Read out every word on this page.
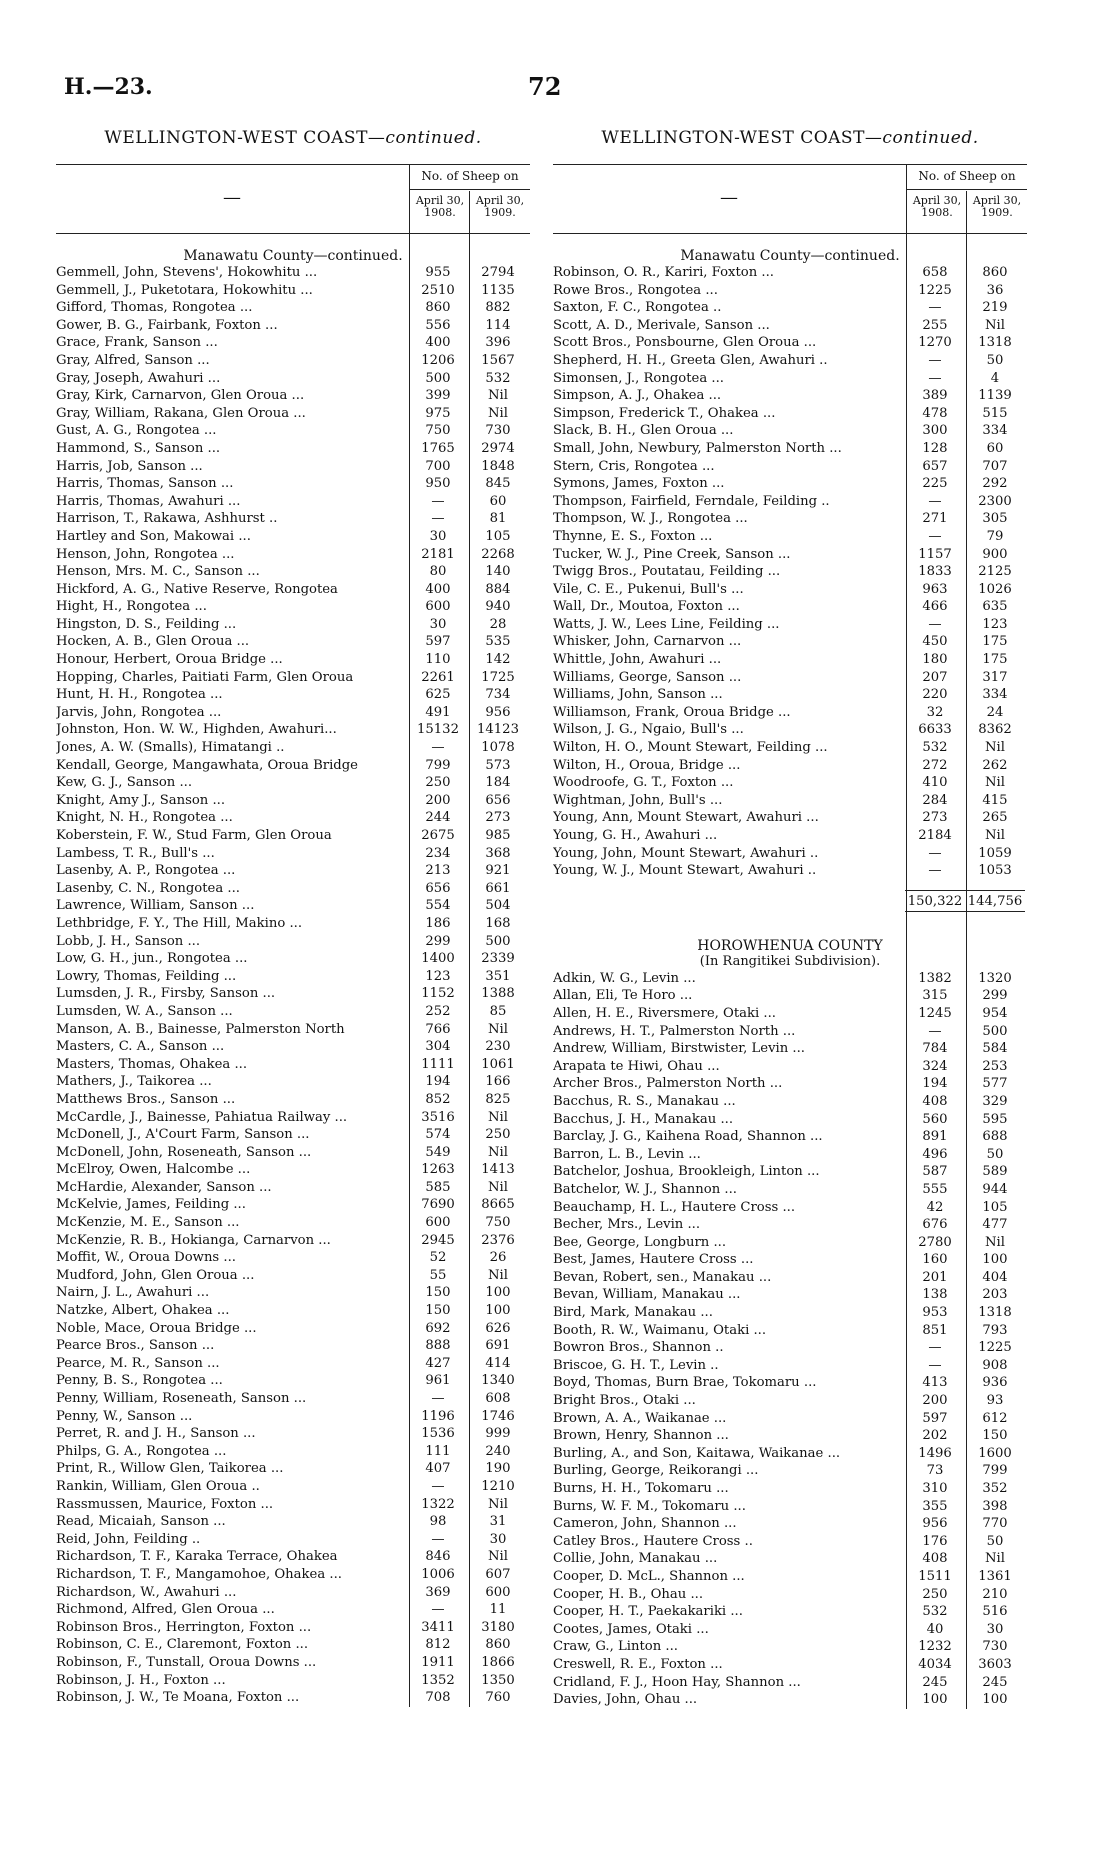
H.—23.	72
WELLINGTON-WEST COAST—continued.
—
No. of Sheep on
April 30, 1908.
April 30, 1909.
Manawatu County—continued.
Gemmell, John, Stevens', Hokowhitu ...	955	2794
Gemmell, J., Puketotara, Hokowhitu ...	2510	1135
Gifford, Thomas, Rongotea ...	860	882
Gower, B. G., Fairbank, Foxton ...	556	114
Grace, Frank, Sanson ...	400	396
Gray, Alfred, Sanson ...	1206	1567
Gray, Joseph, Awahuri ...	500	532
Gray, Kirk, Carnarvon, Glen Oroua ...	399	Nil
Gray, William, Rakana, Glen Oroua ...	975	Nil
Gust, A. G., Rongotea ...	750	730
Hammond, S., Sanson ...	1765	2974
Harris, Job, Sanson ...	700	1848
Harris, Thomas, Sanson ...	950	845
Harris, Thomas, Awahuri ...	—	60
Harrison, T., Rakawa, Ashhurst ..	—	81
Hartley and Son, Makowai ...	30	105
Henson, John, Rongotea ...	2181	2268
Henson, Mrs. M. C., Sanson ...	80	140
Hickford, A. G., Native Reserve, Rongotea	400	884
Hight, H., Rongotea ...	600	940
Hingston, D. S., Feilding ...	30	28
Hocken, A. B., Glen Oroua ...	597	535
Honour, Herbert, Oroua Bridge ...	110	142
Hopping, Charles, Paitiati Farm, Glen Oroua	2261	1725
Hunt, H. H., Rongotea ...	625	734
Jarvis, John, Rongotea ...	491	956
Johnston, Hon. W. W., Highden, Awahuri...	15132	14123
Jones, A. W. (Smalls), Himatangi ..	—	1078
Kendall, George, Mangawhata, Oroua Bridge	799	573
Kew, G. J., Sanson ...	250	184
Knight, Amy J., Sanson ...	200	656
Knight, N. H., Rongotea ...	244	273
Koberstein, F. W., Stud Farm, Glen Oroua	2675	985
Lambess, T. R., Bull's ...	234	368
Lasenby, A. P., Rongotea ...	213	921
Lasenby, C. N., Rongotea ...	656	661
Lawrence, William, Sanson ...	554	504
Lethbridge, F. Y., The Hill, Makino ...	186	168
Lobb, J. H., Sanson ...	299	500
Low, G. H., jun., Rongotea ...	1400	2339
Lowry, Thomas, Feilding ...	123	351
Lumsden, J. R., Firsby, Sanson ...	1152	1388
Lumsden, W. A., Sanson ...	252	85
Manson, A. B., Bainesse, Palmerston North	766	Nil
Masters, C. A., Sanson ...	304	230
Masters, Thomas, Ohakea ...	1111	1061
Mathers, J., Taikorea ...	194	166
Matthews Bros., Sanson ...	852	825
McCardle, J., Bainesse, Pahiatua Railway ...	3516	Nil
McDonell, J., A'Court Farm, Sanson ...	574	250
McDonell, John, Roseneath, Sanson ...	549	Nil
McElroy, Owen, Halcombe ...	1263	1413
McHardie, Alexander, Sanson ...	585	Nil
McKelvie, James, Feilding ...	7690	8665
McKenzie, M. E., Sanson ...	600	750
McKenzie, R. B., Hokianga, Carnarvon ...	2945	2376
Moffit, W., Oroua Downs ...	52	26
Mudford, John, Glen Oroua ...	55	Nil
Nairn, J. L., Awahuri ...	150	100
Natzke, Albert, Ohakea ...	150	100
Noble, Mace, Oroua Bridge ...	692	626
Pearce Bros., Sanson ...	888	691
Pearce, M. R., Sanson ...	427	414
Penny, B. S., Rongotea ...	961	1340
Penny, William, Roseneath, Sanson ...	—	608
Penny, W., Sanson ...	1196	1746
Perret, R. and J. H., Sanson ...	1536	999
Philps, G. A., Rongotea ...	111	240
Print, R., Willow Glen, Taikorea ...	407	190
Rankin, William, Glen Oroua ..	—	1210
Rassmussen, Maurice, Foxton ...	1322	Nil
Read, Micaiah, Sanson ...	98	31
Reid, John, Feilding ..	—	30
Richardson, T. F., Karaka Terrace, Ohakea	846	Nil
Richardson, T. F., Mangamohoe, Ohakea ...	1006	607
Richardson, W., Awahuri ...	369	600
Richmond, Alfred, Glen Oroua ...	—	11
Robinson Bros., Herrington, Foxton ...	3411	3180
Robinson, C. E., Claremont, Foxton ...	812	860
Robinson, F., Tunstall, Oroua Downs ...	1911	1866
Robinson, J. H., Foxton ...	1352	1350
Robinson, J. W., Te Moana, Foxton ...	708	760
WELLINGTON-WEST COAST—continued.
—
No. of Sheep on
April 30, 1908.
April 30, 1909.
Manawatu County—continued.
Robinson, O. R., Kariri, Foxton ...	658	860
Rowe Bros., Rongotea ...	1225	36
Saxton, F. C., Rongotea ..	—	219
Scott, A. D., Merivale, Sanson ...	255	Nil
Scott Bros., Ponsbourne, Glen Oroua ...	1270	1318
Shepherd, H. H., Greeta Glen, Awahuri ..	—	50
Simonsen, J., Rongotea ...	—	4
Simpson, A. J., Ohakea ...	389	1139
Simpson, Frederick T., Ohakea ...	478	515
Slack, B. H., Glen Oroua ...	300	334
Small, John, Newbury, Palmerston North ...	128	60
Stern, Cris, Rongotea ...	657	707
Symons, James, Foxton ...	225	292
Thompson, Fairfield, Ferndale, Feilding ..	—	2300
Thompson, W. J., Rongotea ...	271	305
Thynne, E. S., Foxton ...	—	79
Tucker, W. J., Pine Creek, Sanson ...	1157	900
Twigg Bros., Poutatau, Feilding ...	1833	2125
Vile, C. E., Pukenui, Bull's ...	963	1026
Wall, Dr., Moutoa, Foxton ...	466	635
Watts, J. W., Lees Line, Feilding ...	—	123
Whisker, John, Carnarvon ...	450	175
Whittle, John, Awahuri ...	180	175
Williams, George, Sanson ...	207	317
Williams, John, Sanson ...	220	334
Williamson, Frank, Oroua Bridge ...	32	24
Wilson, J. G., Ngaio, Bull's ...	6633	8362
Wilton, H. O., Mount Stewart, Feilding ...	532	Nil
Wilton, H., Oroua, Bridge ...	272	262
Woodroofe, G. T., Foxton ...	410	Nil
Wightman, John, Bull's ...	284	415
Young, Ann, Mount Stewart, Awahuri ...	273	265
Young, G. H., Awahuri ...	2184	Nil
Young, John, Mount Stewart, Awahuri ..	—	1059
Young, W. J., Mount Stewart, Awahuri ..	—	1053
150,322 144,756
HOROWHENUA COUNTY
(In Rangitikei Subdivision).
Adkin, W. G., Levin ...	1382	1320
Allan, Eli, Te Horo ...	315	299
Allen, H. E., Riversmere, Otaki ...	1245	954
Andrews, H. T., Palmerston North ...	—	500
Andrew, William, Birstwister, Levin ...	784	584
Arapata te Hiwi, Ohau ...	324	253
Archer Bros., Palmerston North ...	194	577
Bacchus, R. S., Manakau ...	408	329
Bacchus, J. H., Manakau ...	560	595
Barclay, J. G., Kaihena Road, Shannon ...	891	688
Barron, L. B., Levin ...	496	50
Batchelor, Joshua, Brookleigh, Linton ...	587	589
Batchelor, W. J., Shannon ...	555	944
Beauchamp, H. L., Hautere Cross ...	42	105
Becher, Mrs., Levin ...	676	477
Bee, George, Longburn ...	2780	Nil
Best, James, Hautere Cross ...	160	100
Bevan, Robert, sen., Manakau ...	201	404
Bevan, William, Manakau ...	138	203
Bird, Mark, Manakau ...	953	1318
Booth, R. W., Waimanu, Otaki ...	851	793
Bowron Bros., Shannon ..	—	1225
Briscoe, G. H. T., Levin ..	—	908
Boyd, Thomas, Burn Brae, Tokomaru ...	413	936
Bright Bros., Otaki ...	200	93
Brown, A. A., Waikanae ...	597	612
Brown, Henry, Shannon ...	202	150
Burling, A., and Son, Kaitawa, Waikanae ...	1496	1600
Burling, George, Reikorangi ...	73	799
Burns, H. H., Tokomaru ...	310	352
Burns, W. F. M., Tokomaru ...	355	398
Cameron, John, Shannon ...	956	770
Catley Bros., Hautere Cross ..	176	50
Collie, John, Manakau ...	408	Nil
Cooper, D. McL., Shannon ...	1511	1361
Cooper, H. B., Ohau ...	250	210
Cooper, H. T., Paekakariki ...	532	516
Cootes, James, Otaki ...	40	30
Craw, G., Linton ...	1232	730
Creswell, R. E., Foxton ...	4034	3603
Cridland, F. J., Hoon Hay, Shannon ...	245	245
Davies, John, Ohau ...	100	100
